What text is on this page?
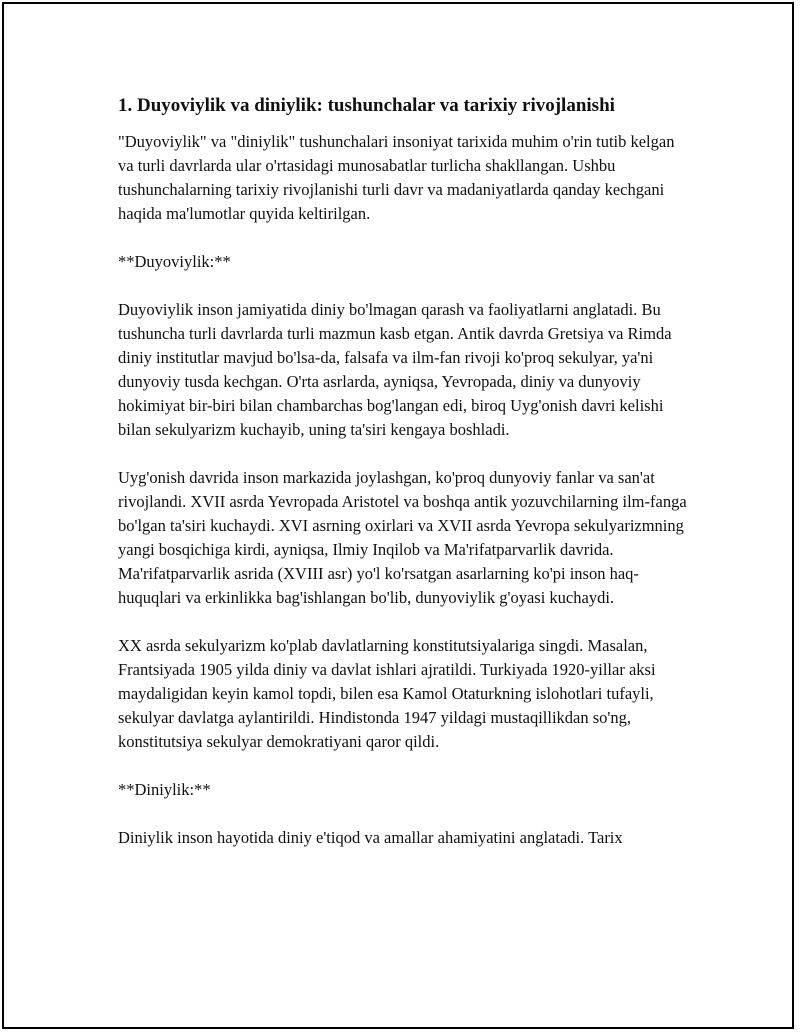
1. Duyoviylik va diniylik: tushunchalar va tarixiy rivojlanishi

"Duyoviylik" va "diniylik" tushunchalari insoniyat tarixida muhim o'rin tutib kelgan va turli davrlarda ular o'rtasidagi munosabatlar turlicha shakllangan. Ushbu tushunchalarning tarixiy rivojlanishi turli davr va madaniyatlarda qanday kechgani haqida ma'lumotlar quyida keltirilgan.

**Duyoviylik:**

Duyoviylik inson jamiyatida diniy bo'lmagan qarash va faoliyatlarni anglatadi. Bu tushuncha turli davrlarda turli mazmun kasb etgan. Antik davrda Gretsiya va Rimda diniy institutlar mavjud bo'lsa-da, falsafa va ilm-fan rivoji ko'proq sekulyar, ya'ni dunyoviy tusda kechgan. O'rta asrlarda, ayniqsa, Yevropada, diniy va dunyoviy hokimiyat bir-biri bilan chambarchas bog'langan edi, biroq Uyg'onish davri kelishi bilan sekulyarizm kuchayib, uning ta'siri kengaya boshladi.

Uyg'onish davrida inson markazida joylashgan, ko'proq dunyoviy fanlar va san'at rivojlandi. XVII asrda Yevropada Aristotel va boshqa antik yozuvchilarning ilm-fanga bo'lgan ta'siri kuchaydi. XVI asrning oxirlari va XVII asrda Yevropa sekulyarizmning yangi bosqichiga kirdi, ayniqsa, Ilmiy Inqilob va Ma'rifatparvarlik davrida. Ma'rifatparvarlik asrida (XVIII asr) yo'l ko'rsatgan asarlarning ko'pi inson haq-huquqlari va erkinlikka bag'ishlangan bo'lib, dunyoviylik g'oyasi kuchaydi.

XX asrda sekulyarizm ko'plab davlatlarning konstitutsiyalariga singdi. Masalan, Frantsiyada 1905 yilda diniy va davlat ishlari ajratildi. Turkiyada 1920-yillar aksi maydaligidan keyin kamol topdi, bilen esa Kamol Otaturkning islohotlari tufayli, sekulyar davlatga aylantirildi. Hindistonda 1947 yildagi mustaqillikdan so'ng, konstitutsiya sekulyar demokratiyani qaror qildi.

**Diniylik:**

Diniylik inson hayotida diniy e'tiqod va amallar ahamiyatini anglatadi. Tarix
